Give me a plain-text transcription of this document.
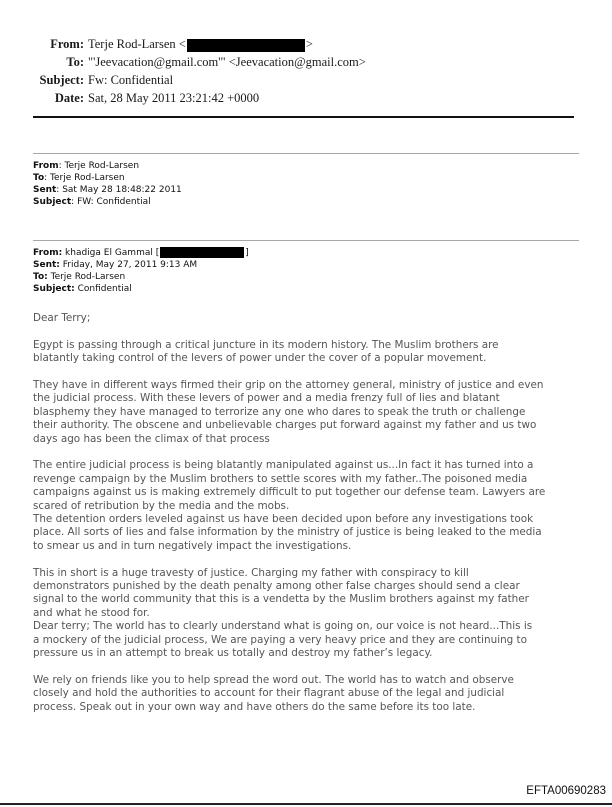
From: Terje Rod-Larsen <	>
To: "'Jeevacation@gmail.com'" <Jeevacation@gmail.com>
Subject: Fw: Confidential
Date: Sat, 28 May 2011 23:21:42 +0000
From: Terje Rod-Larsen
To: Terje Rod-Larsen
Sent: Sat May 28 18:48:22 2011
Subject: FW: Confidential
From: khadiga El Gammal [	]
Sent: Friday, May 27, 2011 9:13 AM
To: Terje Rod-Larsen
Subject: Confidential

Dear Terry;

Egypt is passing through a critical juncture in its modern history. The Muslim brothers are
blatantly taking control of the levers of power under the cover of a popular movement.

They have in different ways firmed their grip on the attorney general, ministry of justice and even
the judicial process. With these levers of power and a media frenzy full of lies and blatant
blasphemy they have managed to terrorize any one who dares to speak the truth or challenge
their authority. The obscene and unbelievable charges put forward against my father and us two
days ago has been the climax of that process

The entire judicial process is being blatantly manipulated against us...In fact it has turned into a
revenge campaign by the Muslim brothers to settle scores with my father..The poisoned media
campaigns against us is making extremely difficult to put together our defense team. Lawyers are
scared of retribution by the media and the mobs.
The detention orders leveled against us have been decided upon before any investigations took
place. All sorts of lies and false information by the ministry of justice is being leaked to the media
to smear us and in turn negatively impact the investigations.

This in short is a huge travesty of justice. Charging my father with conspiracy to kill
demonstrators punished by the death penalty among other false charges should send a clear
signal to the world community that this is a vendetta by the Muslim brothers against my father
and what he stood for.
Dear terry; The world has to clearly understand what is going on, our voice is not heard...This is
a mockery of the judicial process, We are paying a very heavy price and they are continuing to
pressure us in an attempt to break us totally and destroy my father’s legacy.

We rely on friends like you to help spread the word out. The world has to watch and observe
closely and hold the authorities to account for their flagrant abuse of the legal and judicial
process. Speak out in your own way and have others do the same before its too late.

EFTA00690283
